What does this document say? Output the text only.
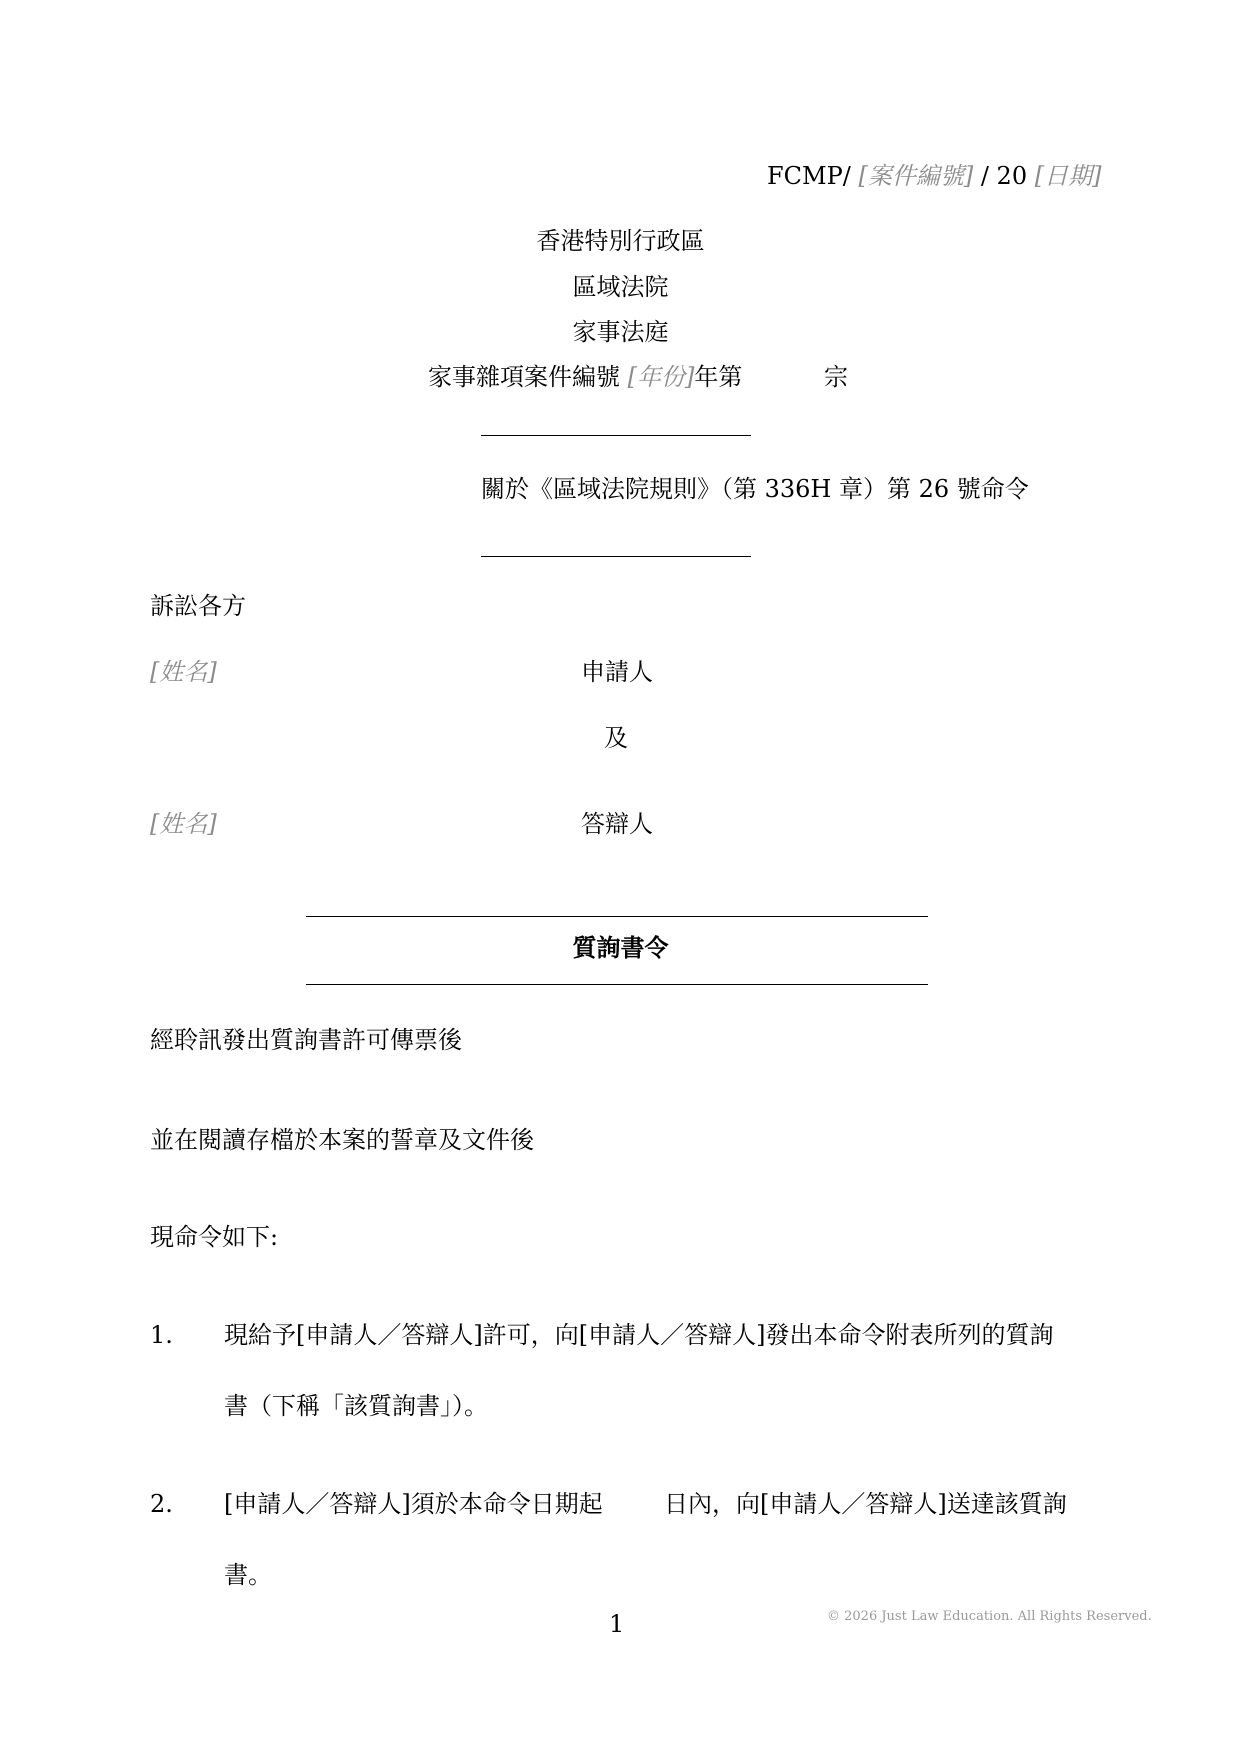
FCMP/ [案件編號] / 20 [日期]
香港特別行政區
區域法院
家事法庭
家事雜項案件編號 [年份]年第	宗
關於《區域法院規則》（第 336H 章）第 26 號命令
訴訟各方
[姓名]	申請人
及
[姓名]	答辯人
質詢書令
經聆訊發出質詢書許可傳票後
並在閱讀存檔於本案的誓章及文件後
現命令如下:
1. 現給予[申請人／答辯人]許可，向[申請人／答辯人]發出本命令附表所列的質詢
書（下稱「該質詢書」）。
2. [申請人／答辯人]須於本命令日期起	日內，向[申請人／答辯人]送達該質詢
書。
1	© 2026 Just Law Education. All Rights Reserved.
